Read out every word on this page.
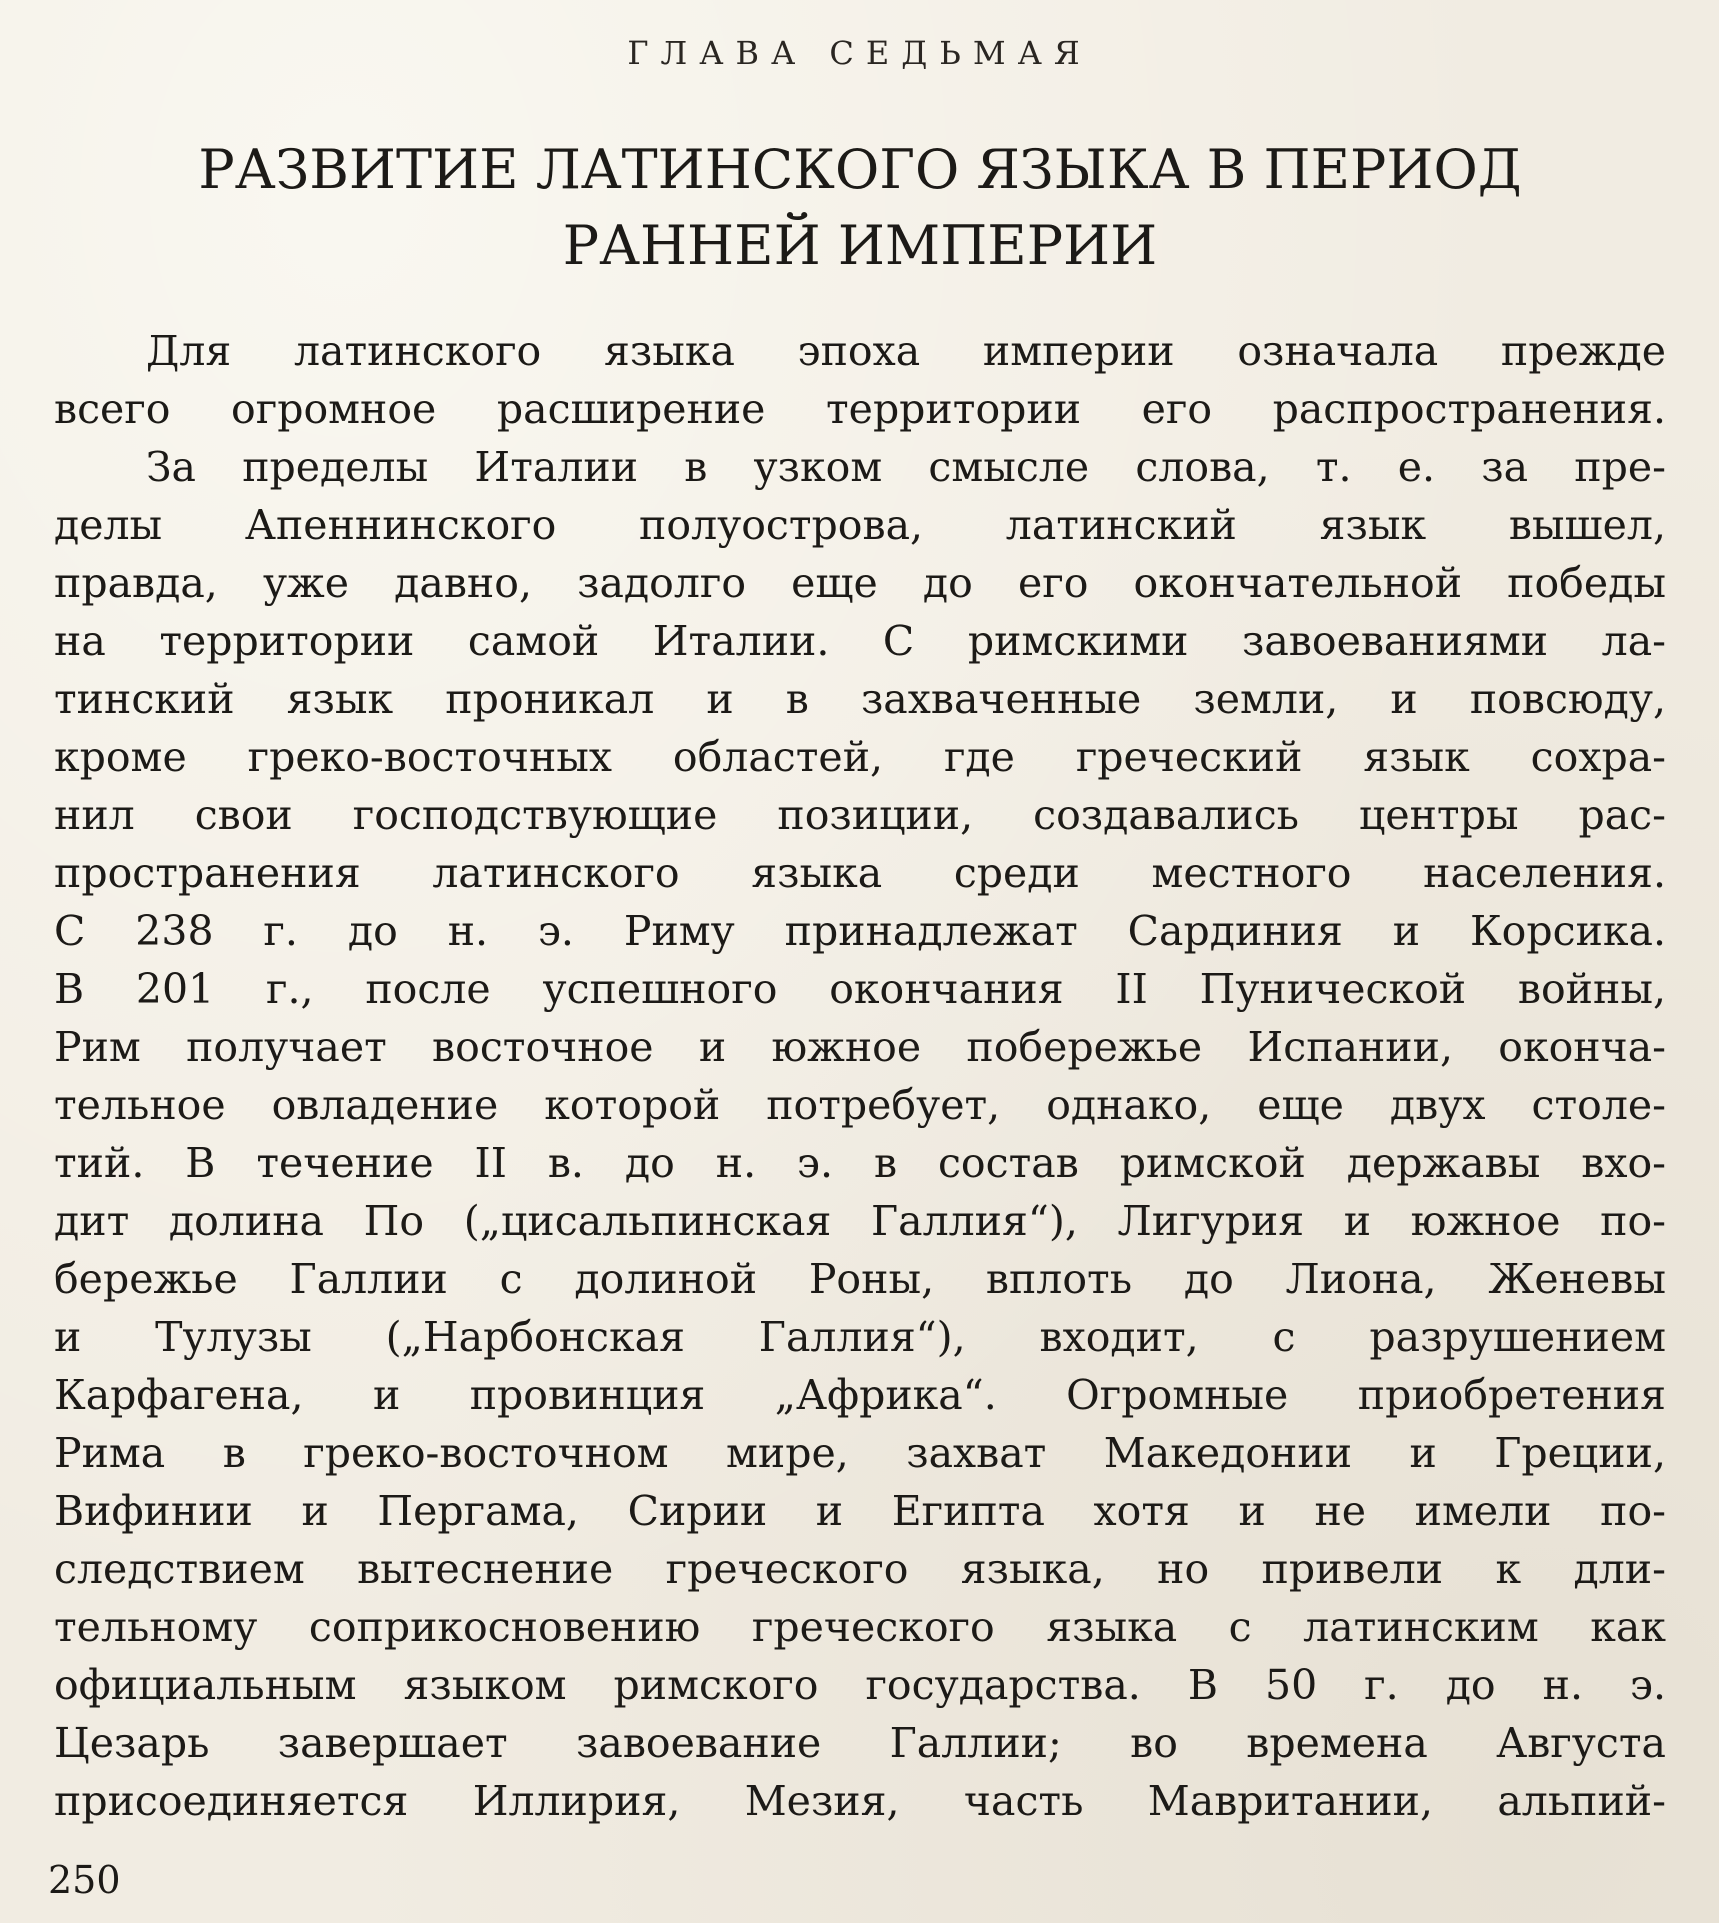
ГЛАВА СЕДЬМАЯ
РАЗВИТИЕ ЛАТИНСКОГО ЯЗЫКА В ПЕРИОД
РАННЕЙ ИМПЕРИИ
Для латинского языка эпоха империи означала прежде
всего огромное расширение территории его распространения.
За пределы Италии в узком смысле слова, т. е. за пре-
делы Апеннинского полуострова, латинский язык вышел,
правда, уже давно, задолго еще до его окончательной победы
на территории самой Италии. С римскими завоеваниями ла-
тинский язык проникал и в захваченные земли, и повсюду,
кроме греко-восточных областей, где греческий язык сохра-
нил свои господствующие позиции, создавались центры рас-
пространения латинского языка среди местного населения.
С 238 г. до н. э. Риму принадлежат Сардиния и Корсика.
В 201 г., после успешного окончания II Пунической войны,
Рим получает восточное и южное побережье Испании, оконча-
тельное овладение которой потребует, однако, еще двух столе-
тий. В течение II в. до н. э. в состав римской державы вхо-
дит долина По („цисальпинская Галлия“), Лигурия и южное по-
бережье Галлии с долиной Роны, вплоть до Лиона, Женевы
и Тулузы („Нарбонская Галлия“), входит, с разрушением
Карфагена, и провинция „Африка“. Огромные приобретения
Рима в греко-восточном мире, захват Македонии и Греции,
Вифинии и Пергама, Сирии и Египта хотя и не имели по-
следствием вытеснение греческого языка, но привели к дли-
тельному соприкосновению греческого языка с латинским как
официальным языком римского государства. В 50 г. до н. э.
Цезарь завершает завоевание Галлии; во времена Августа
присоединяется Иллирия, Мезия, часть Мавритании, альпий-
250
